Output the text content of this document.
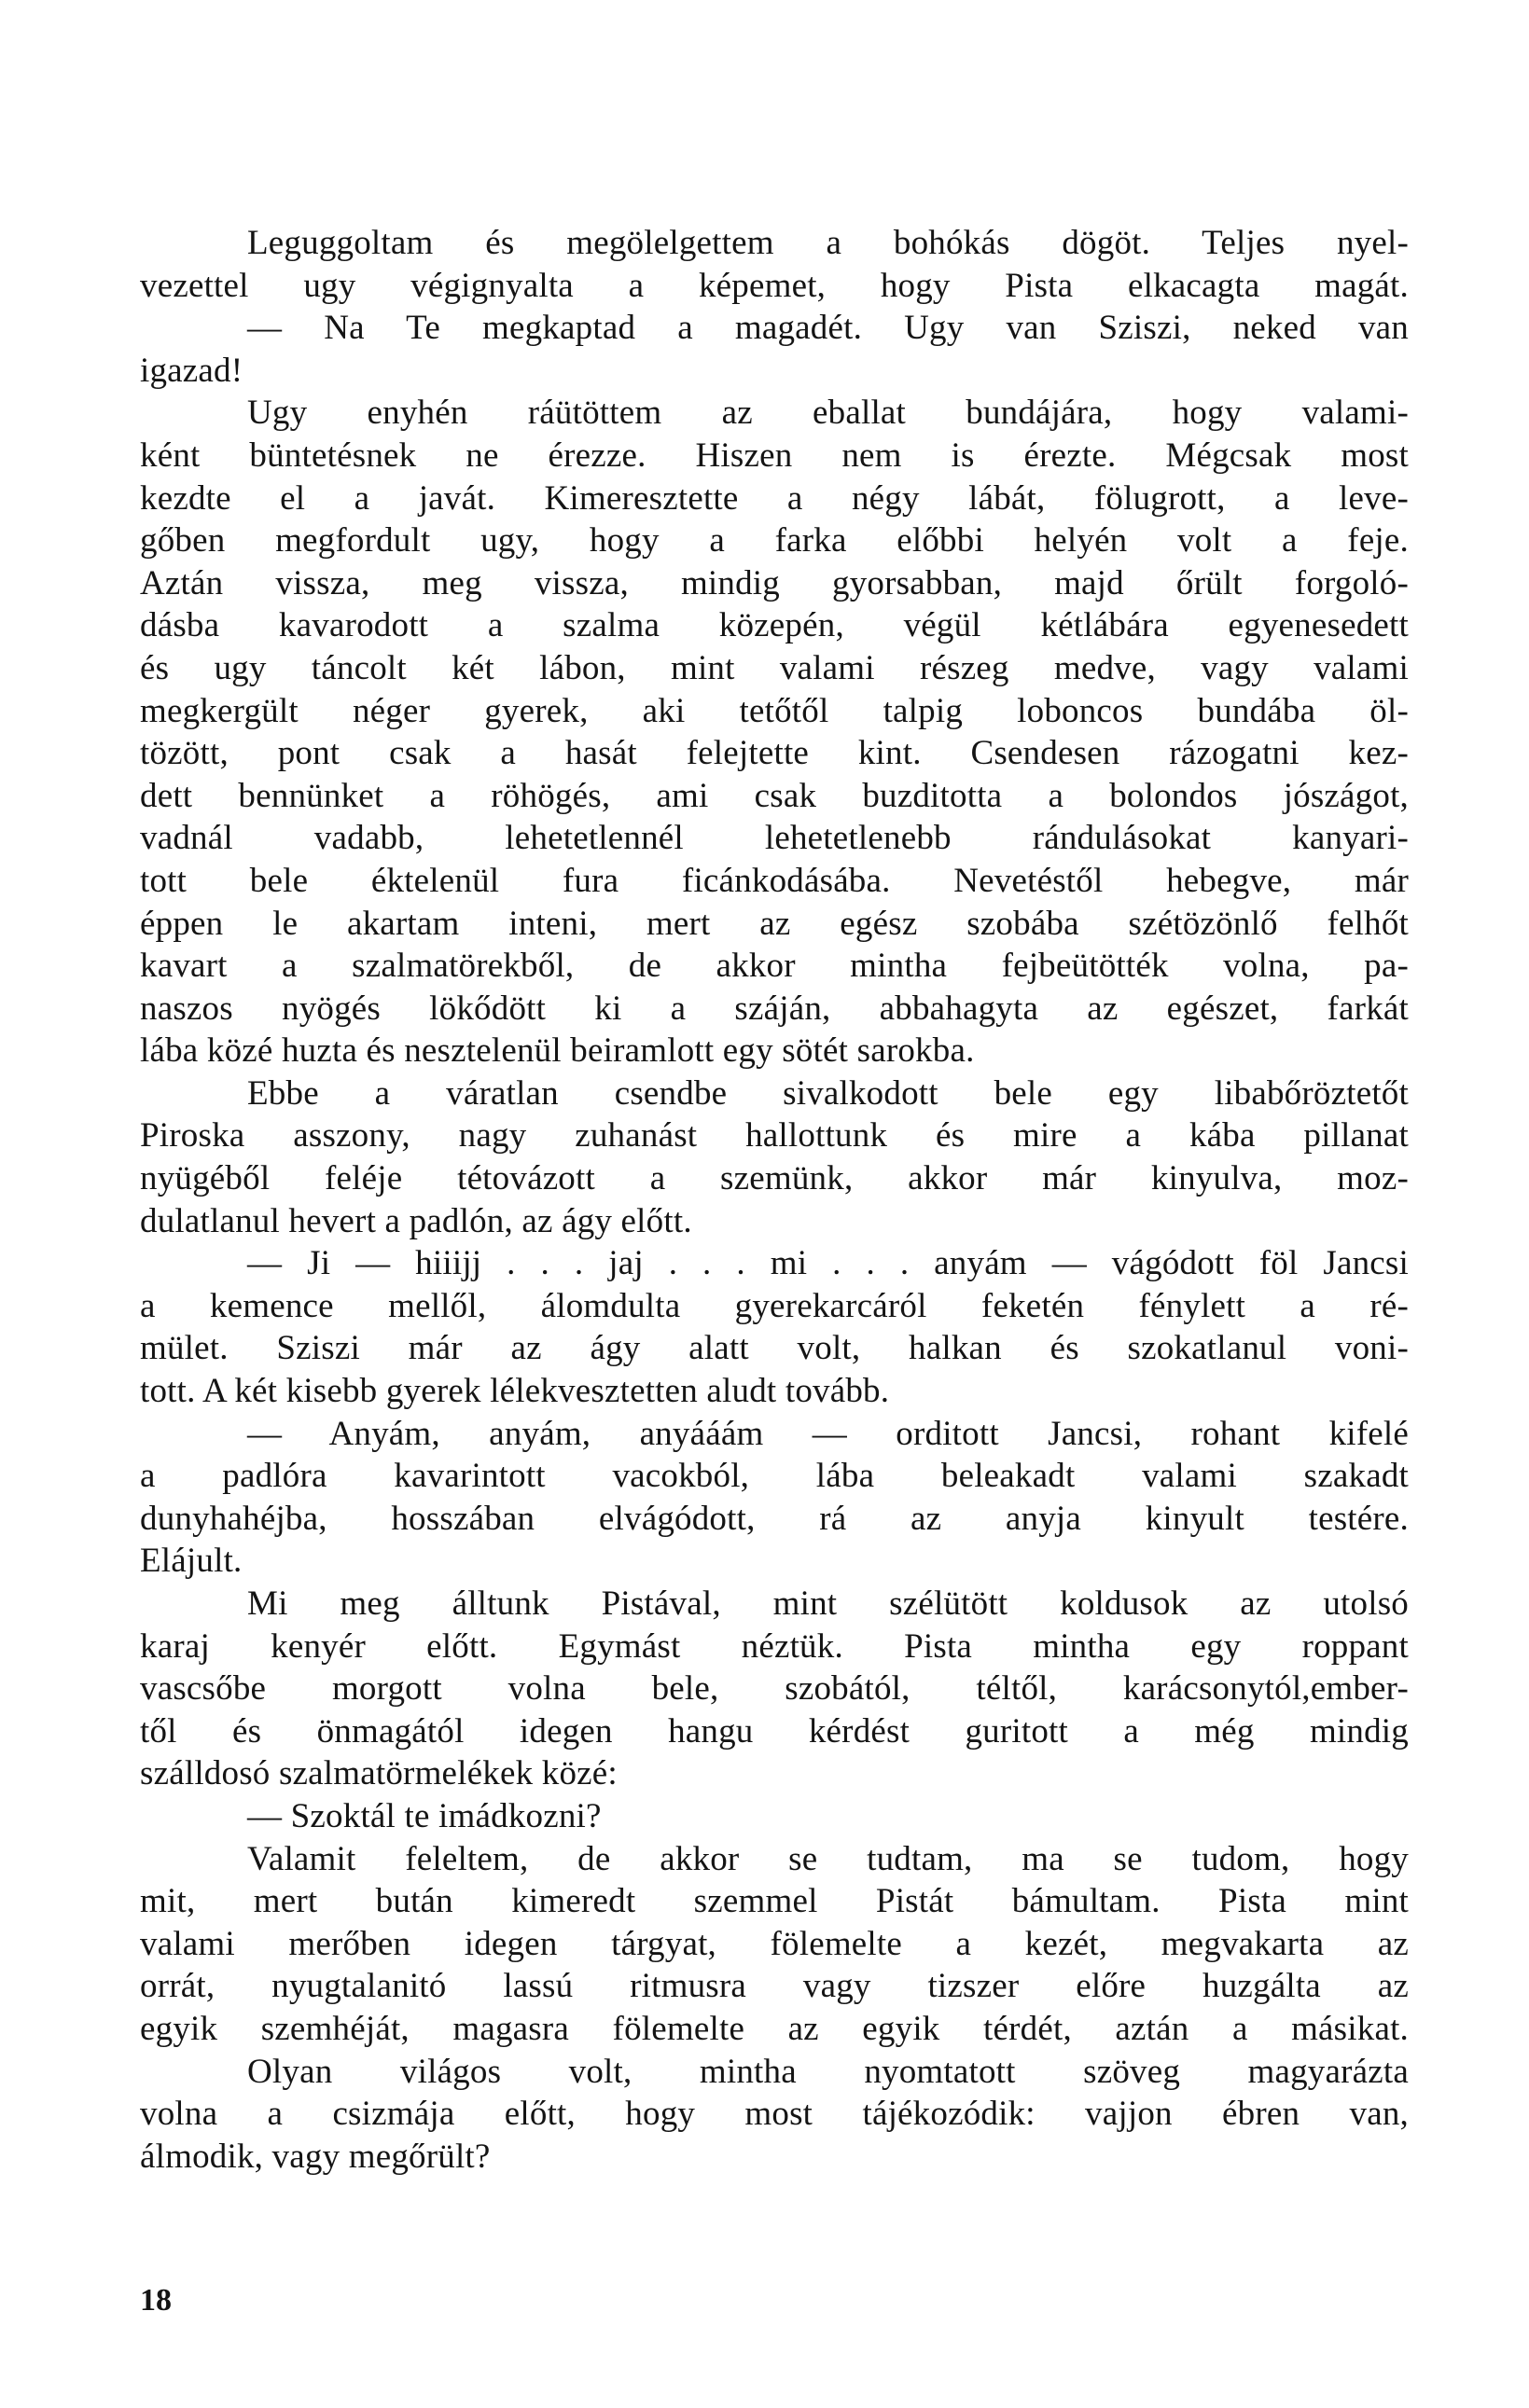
Leguggoltam és megölelgettem a bohókás dögöt. Teljes nyel-
vezettel ugy végignyalta a képemet, hogy Pista elkacagta magát.
— Na Te megkaptad a magadét. Ugy van Sziszi, neked van
igazad!
Ugy enyhén ráütöttem az eballat bundájára, hogy valami-
ként büntetésnek ne érezze. Hiszen nem is érezte. Mégcsak most
kezdte el a javát. Kimeresztette a négy lábát, fölugrott, a leve-
gőben megfordult ugy, hogy a farka előbbi helyén volt a feje.
Aztán vissza, meg vissza, mindig gyorsabban, majd őrült forgoló-
dásba kavarodott a szalma közepén, végül kétlábára egyenesedett
és ugy táncolt két lábon, mint valami részeg medve, vagy valami
megkergült néger gyerek, aki tetőtől talpig loboncos bundába öl-
tözött, pont csak a hasát felejtette kint. Csendesen rázogatni kez-
dett bennünket a röhögés, ami csak buzditotta a bolondos jószágot,
vadnál vadabb, lehetetlennél lehetetlenebb rándulásokat kanyari-
tott bele éktelenül fura ficánkodásába. Nevetéstől hebegve, már
éppen le akartam inteni, mert az egész szobába szétözönlő felhőt
kavart a szalmatörekből, de akkor mintha fejbeütötték volna, pa-
naszos nyögés lökődött ki a száján, abbahagyta az egészet, farkát
lába közé huzta és nesztelenül beiramlott egy sötét sarokba.
Ebbe a váratlan csendbe sivalkodott bele egy libabőröztetőt
Piroska asszony, nagy zuhanást hallottunk és mire a kába pillanat
nyügéből feléje tétovázott a szemünk, akkor már kinyulva, moz-
dulatlanul hevert a padlón, az ágy előtt.
— Ji — hiiijj . . . jaj . . . mi . . . anyám — vágódott föl Jancsi
a kemence mellől, álomdulta gyerekarcáról feketén fénylett a ré-
mület. Sziszi már az ágy alatt volt, halkan és szokatlanul voni-
tott. A két kisebb gyerek lélekvesztetten aludt tovább.
— Anyám, anyám, anyááám — orditott Jancsi, rohant kifelé
a padlóra kavarintott vacokból, lába beleakadt valami szakadt
dunyhahéjba, hosszában elvágódott, rá az anyja kinyult testére.
Elájult.
Mi meg álltunk Pistával, mint szélütött koldusok az utolsó
karaj kenyér előtt. Egymást néztük. Pista mintha egy roppant
vascsőbe morgott volna bele, szobától, téltől, karácsonytól,ember-
től és önmagától idegen hangu kérdést guritott a még mindig
szálldosó szalmatörmelékek közé:
— Szoktál te imádkozni?
Valamit feleltem, de akkor se tudtam, ma se tudom, hogy
mit, mert bután kimeredt szemmel Pistát bámultam. Pista mint
valami merőben idegen tárgyat, fölemelte a kezét, megvakarta az
orrát, nyugtalanitó lassú ritmusra vagy tizszer előre huzgálta az
egyik szemhéját, magasra fölemelte az egyik térdét, aztán a másikat.
Olyan világos volt, mintha nyomtatott szöveg magyarázta
volna a csizmája előtt, hogy most tájékozódik: vajjon ébren van,
álmodik, vagy megőrült?
18
